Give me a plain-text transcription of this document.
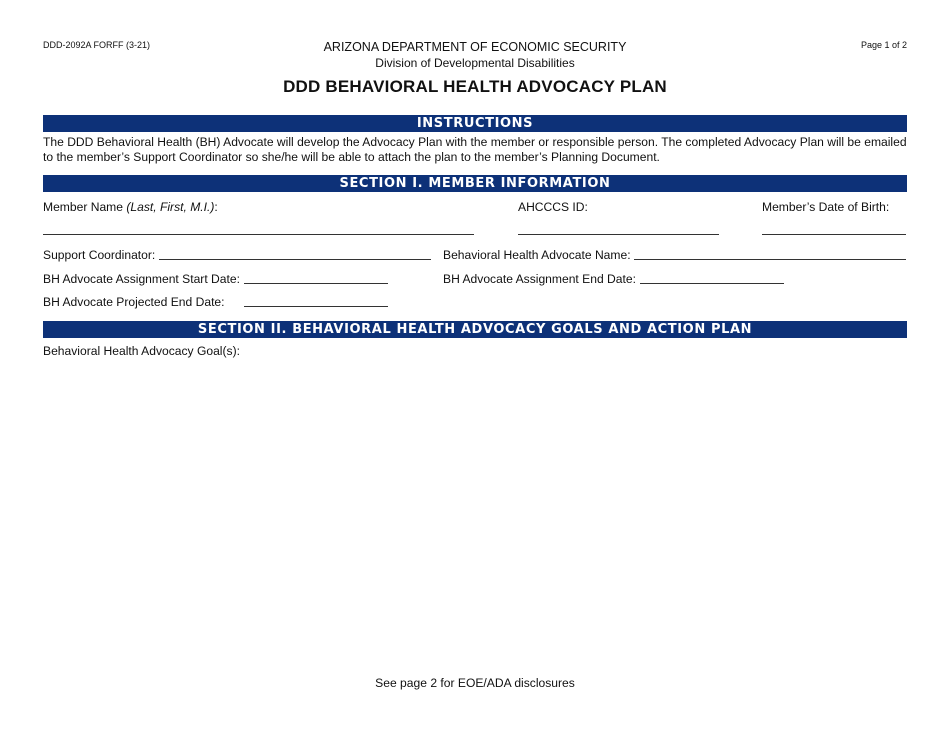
DDD-2092A FORFF (3-21)	Page 1 of 2
ARIZONA DEPARTMENT OF ECONOMIC SECURITY
Division of Developmental Disabilities
DDD BEHAVIORAL HEALTH ADVOCACY PLAN
INSTRUCTIONS
The DDD Behavioral Health (BH) Advocate will develop the Advocacy Plan with the member or responsible person. The completed Advocacy Plan will be emailed to the member’s Support Coordinator so she/he will be able to attach the plan to the member’s Planning Document.
SECTION I. MEMBER INFORMATION
Member Name (Last, First, M.I.):	AHCCCS ID:	Member’s Date of Birth:
Support Coordinator:	Behavioral Health Advocate Name:
BH Advocate Assignment Start Date:	BH Advocate Assignment End Date:
BH Advocate Projected End Date:
SECTION II. BEHAVIORAL HEALTH ADVOCACY GOALS AND ACTION PLAN
Behavioral Health Advocacy Goal(s):
See page 2 for EOE/ADA disclosures
